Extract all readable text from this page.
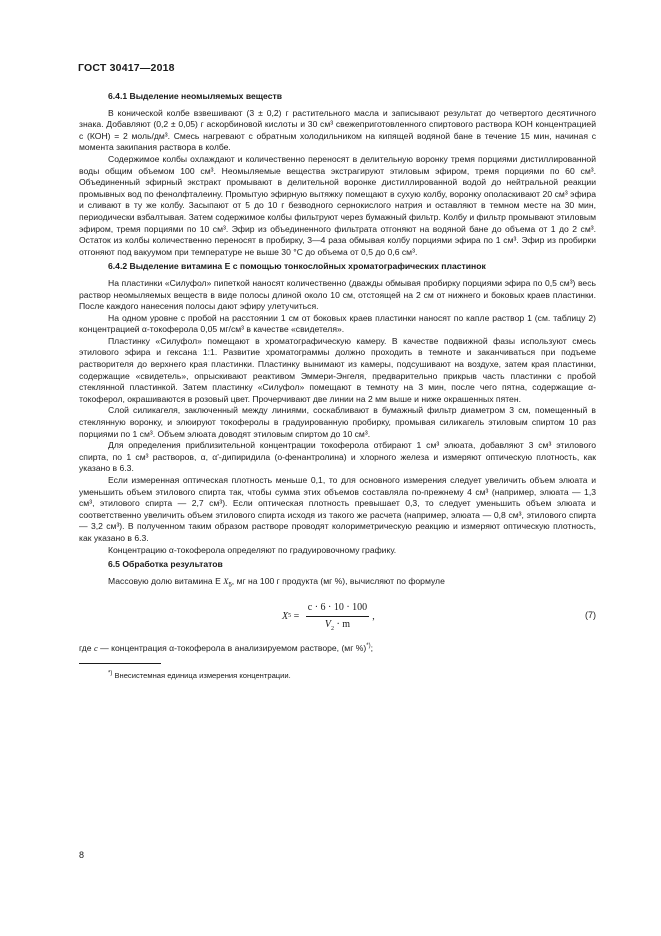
ГОСТ 30417—2018

6.4.1 Выделение неомыляемых веществ

В конической колбе взвешивают (3 ± 0,2) г растительного масла и записывают результат до четвертого десятичного знака. Добавляют (0,2 ± 0,05) г аскорбиновой кислоты и 30 см³ свежеприготовленного спиртового раствора КОН концентрацией c (КОН) = 2 моль/дм³. Смесь нагревают с обратным холодильником на кипящей водяной бане в течение 15 мин, начиная с момента закипания раствора в колбе.

Содержимое колбы охлаждают и количественно переносят в делительную воронку тремя порциями дистиллированной воды общим объемом 100 см³. Неомыляемые вещества экстрагируют этиловым эфиром, тремя порциями по 60 см³. Объединенный эфирный экстракт промывают в делительной воронке дистиллированной водой до нейтральной реакции промывных вод по фенолфталеину. Промытую эфирную вытяжку помещают в сухую колбу, воронку ополаскивают 20 см³ эфира и сливают в ту же колбу. Засыпают от 5 до 10 г безводного сернокислого натрия и оставляют в темном месте на 30 мин, периодически взбалтывая. Затем содержимое колбы фильтруют через бумажный фильтр. Колбу и фильтр промывают этиловым эфиром, тремя порциями по 10 см³. Эфир из объединенного фильтрата отгоняют на водяной бане до объема от 1 до 2 см³. Остаток из колбы количественно переносят в пробирку, 3—4 раза обмывая колбу порциями эфира по 1 см³. Эфир из пробирки отгоняют под вакуумом при температуре не выше 30 °С до объема от 0,5 до 0,6 см³.

6.4.2 Выделение витамина Е с помощью тонкослойных хроматографических пластинок

На пластинки «Силуфол» пипеткой наносят количественно (дважды обмывая пробирку порциями эфира по 0,5 см³) весь раствор неомыляемых веществ в виде полосы длиной около 10 см, отстоящей на 2 см от нижнего и боковых краев пластинки. После каждого нанесения полосы дают эфиру улетучиться.

На одном уровне с пробой на расстоянии 1 см от боковых краев пластинки наносят по капле раствор 1 (см. таблицу 2) концентрацией α-токоферола 0,05 мг/см³ в качестве «свидетеля».

Пластинку «Силуфол» помещают в хроматографическую камеру. В качестве подвижной фазы используют смесь этилового эфира и гексана 1:1. Развитие хроматограммы должно проходить в темноте и заканчиваться при подъеме растворителя до верхнего края пластинки. Пластинку вынимают из камеры, подсушивают на воздухе, затем края пластинки, содержащие «свидетель», опрыскивают реактивом Эммери-Энгеля, предварительно прикрыв часть пластинки с пробой стеклянной пластинкой. Затем пластинку «Силуфол» помещают в темноту на 3 мин, после чего пятна, содержащие α-токоферол, окрашиваются в розовый цвет. Прочерчивают две линии на 2 мм выше и ниже окрашенных пятен.

Слой силикагеля, заключенный между линиями, соскабливают в бумажный фильтр диаметром 3 см, помещенный в стеклянную воронку, и элюируют токоферолы в градуированную пробирку, промывая силикагель этиловым спиртом 10 раз порциями по 1 см³. Объем элюата доводят этиловым спиртом до 10 см³.

Для определения приблизительной концентрации токоферола отбирают 1 см³ элюата, добавляют 3 см³ этилового спирта, по 1 см³ растворов, α, α'-дипиридила (о-фенантролина) и хлорного железа и измеряют оптическую плотность, как указано в 6.3.

Если измеренная оптическая плотность меньше 0,1, то для основного измерения следует увеличить объем элюата и уменьшить объем этилового спирта так, чтобы сумма этих объемов составляла по-прежнему 4 см³ (например, элюата — 1,3 см³, этилового спирта — 2,7 см³). Если оптическая плотность превышает 0,3, то следует уменьшить объем элюата и соответственно увеличить объем этилового спирта исходя из такого же расчета (например, элюата — 0,8 см³, этилового спирта — 3,2 см³). В полученном таким образом растворе проводят колориметрическую реакцию и измеряют оптическую плотность, как указано в 6.3.

Концентрацию α-токоферола определяют по градуировочному графику.

6.5 Обработка результатов

Массовую долю витамина Е $X_5$, мг на 100 г продукта (мг %), вычисляют по формуле

X $5 = \frac{c \cdot 6 \cdot 10 \cdot 100}{V_2 \cdot m}$ ,	(7)

где c — концентрация α-токоферола в анализируемом растворе, (мг %)*);

*) Внесистемная единица измерения концентрации.

8
